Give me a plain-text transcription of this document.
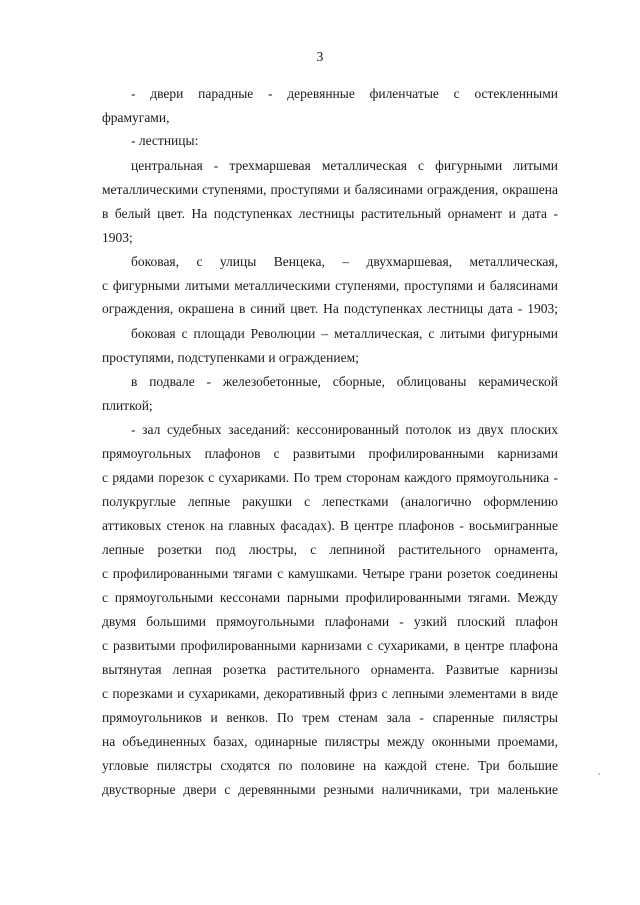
3
- двери парадные - деревянные филенчатые с остекленными
фрамугами,
- лестницы:
центральная - трехмаршевая металлическая с фигурными литыми
металлическими ступенями, проступями и балясинами ограждения, окрашена
в белый цвет. На подступенках лестницы растительный орнамент и дата -
1903;
боковая, с улицы Венцека, – двухмаршевая, металлическая,
с фигурными литыми металлическими ступенями, проступями и балясинами
ограждения, окрашена в синий цвет. На подступенках лестницы дата - 1903;
боковая с площади Революции – металлическая, с литыми фигурными
проступями, подступенками и ограждением;
в подвале - железобетонные, сборные, облицованы керамической
плиткой;
- зал судебных заседаний: кессонированный потолок из двух плоских
прямоугольных плафонов с развитыми профилированными карнизами
с рядами порезок с сухариками. По трем сторонам каждого прямоугольника -
полукруглые лепные ракушки с лепестками (аналогично оформлению
аттиковых стенок на главных фасадах). В центре плафонов - восьмигранные
лепные розетки под люстры, с лепниной растительного орнамента,
с профилированными тягами с камушками. Четыре грани розеток соединены
с прямоугольными кессонами парными профилированными тягами. Между
двумя большими прямоугольными плафонами - узкий плоский плафон
с развитыми профилированными карнизами с сухариками, в центре плафона
вытянутая лепная розетка растительного орнамента. Развитые карнизы
с порезками и сухариками, декоративный фриз с лепными элементами в виде
прямоугольников и венков. По трем стенам зала - спаренные пилястры
на объединенных базах, одинарные пилястры между оконными проемами,
угловые пилястры сходятся по половине на каждой стене. Три большие
двустворные двери с деревянными резными наличниками, три маленькие
